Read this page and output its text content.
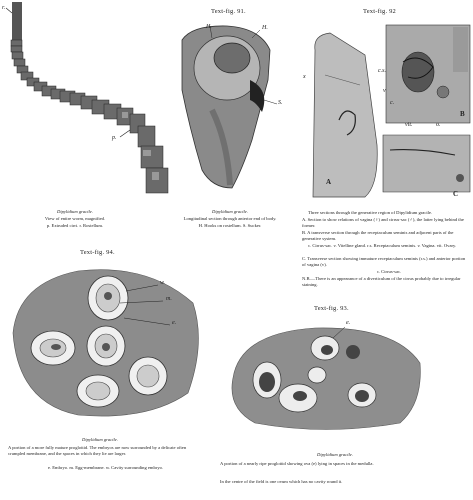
r.
p.
Dipylidium gracile.
View of entire worm, magnified.
p. Extruded cirri. r. Rostellum.
Text-fig. 91.
H.	H.
S.
Dipylidium gracile.
Longitudinal section through anterior end of body.
H. Hooks on rostellum. S. Sucker.
Text-fig. 92
x
A
c.s.
v
c.
vit.	o.
B
C
Three sections through the generative region of Dipylidium gracile.
A. Section to show relations of vagina (♀) and cirrus-sac (♂), the latter lying behind the former.
B. A transverse section through the receptaculum seminis and adjacent parts of the generative system.
c. Cirrus-sac. v. Vitelline gland. r.s. Receptaculum seminis. v. Vagina. vit. Ovary.
C. Transverse section showing immature receptaculum seminis (r.s.) and anterior portion of vagina (v).
c. Cirrus-sac.
N.B.—There is an appearance of a diverticulum of the cirrus probably due to irregular staining.
Text-fig. 94.
w.
m.
e.
Dipylidium gracile.
A portion of a more fully mature proglottid. The embryos are now surrounded by a delicate often crumpled membrane, and the spaces in which they lie are larger.
e. Embryo. m. Egg-membrane. w. Cavity surrounding embryo.
Text-fig. 93.
e.
Dipylidium gracile.
A portion of a nearly ripe proglottid showing ova (e) lying in spaces in the medulla.
In the centre of the field is one ovum which has no cavity round it.
